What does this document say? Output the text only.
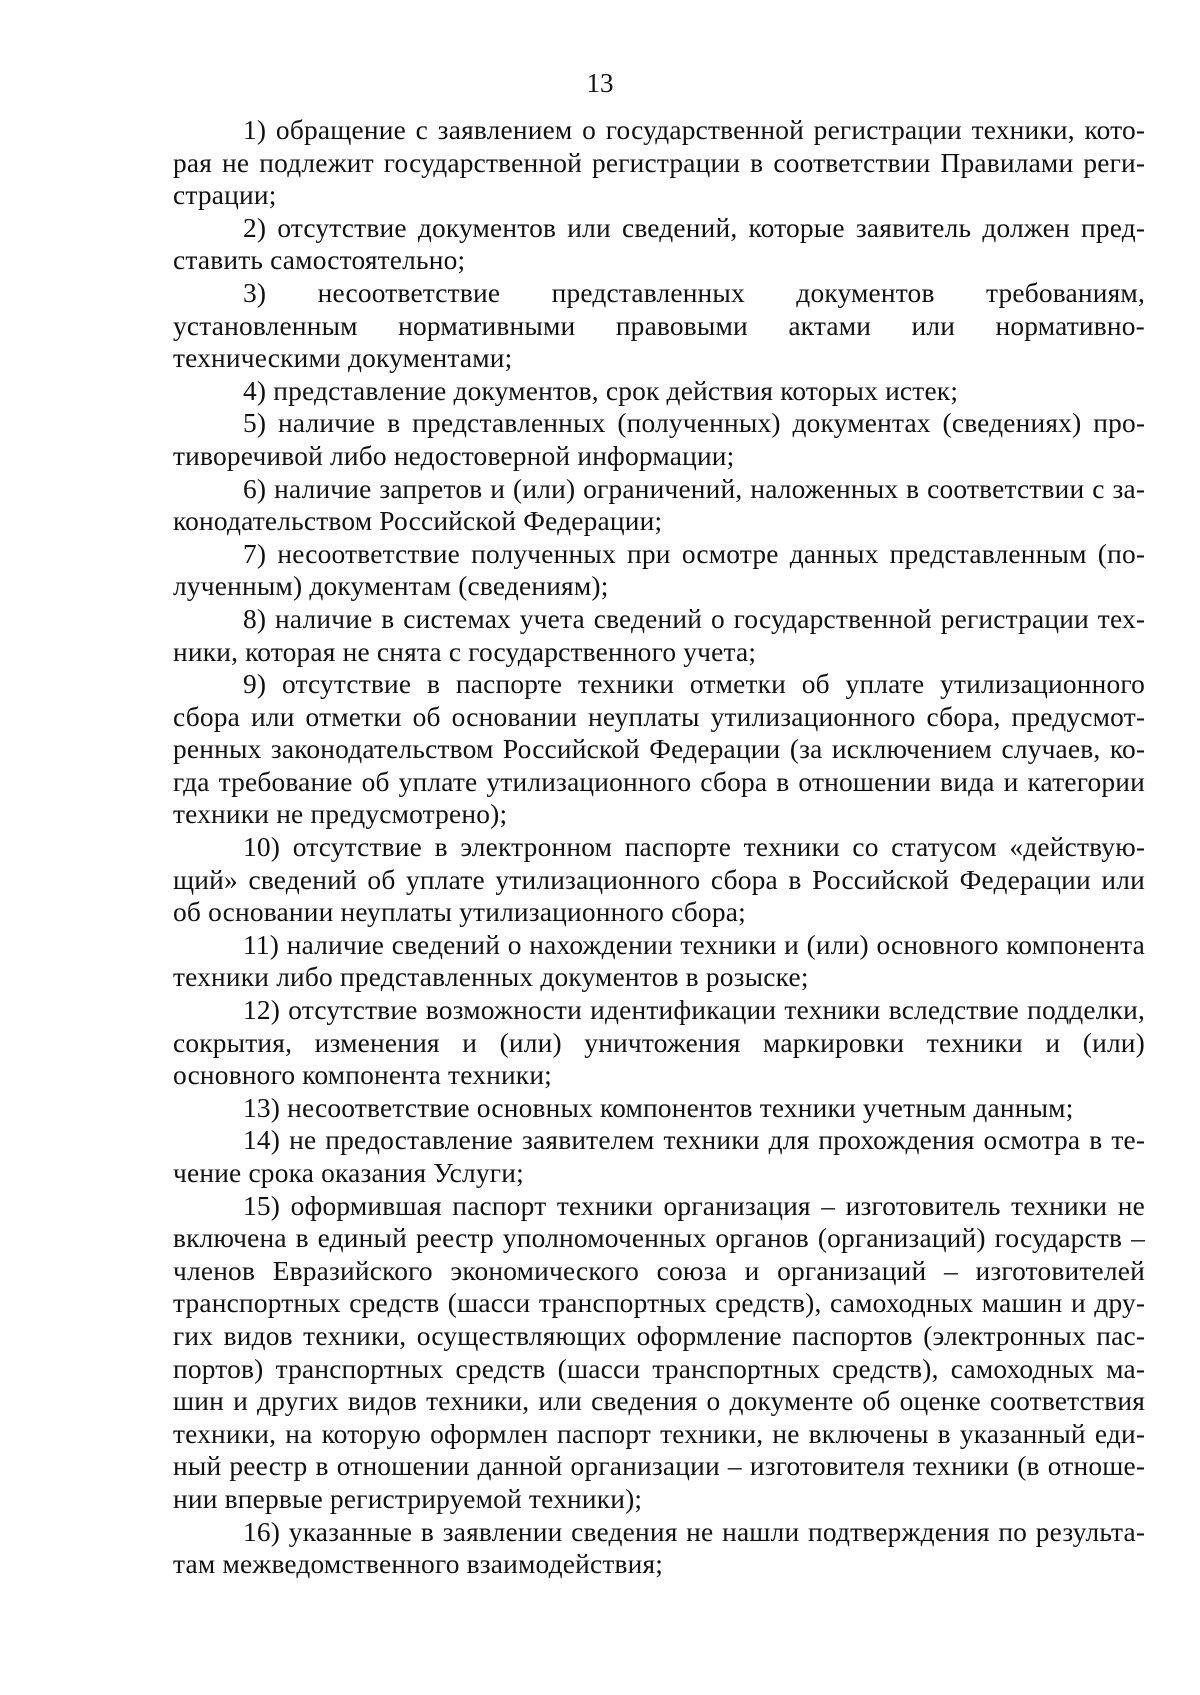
13

1) обращение с заявлением о государственной регистрации техники, которая не подлежит государственной регистрации в соответствии Правилами регистрации;

2) отсутствие документов или сведений, которые заявитель должен представить самостоятельно;

3) несоответствие представленных документов требованиям, установленным нормативными правовыми актами или нормативно-техническими документами;

4) представление документов, срок действия которых истек;

5) наличие в представленных (полученных) документах (сведениях) противоречивой либо недостоверной информации;

6) наличие запретов и (или) ограничений, наложенных в соответствии с законодательством Российской Федерации;

7) несоответствие полученных при осмотре данных представленным (полученным) документам (сведениям);

8) наличие в системах учета сведений о государственной регистрации техники, которая не снята с государственного учета;

9) отсутствие в паспорте техники отметки об уплате утилизационного сбора или отметки об основании неуплаты утилизационного сбора, предусмотренных законодательством Российской Федерации (за исключением случаев, когда требование об уплате утилизационного сбора в отношении вида и категории техники не предусмотрено);

10) отсутствие в электронном паспорте техники со статусом «действующий» сведений об уплате утилизационного сбора в Российской Федерации или об основании неуплаты утилизационного сбора;

11) наличие сведений о нахождении техники и (или) основного компонента техники либо представленных документов в розыске;

12) отсутствие возможности идентификации техники вследствие подделки, сокрытия, изменения и (или) уничтожения маркировки техники и (или) основного компонента техники;

13) несоответствие основных компонентов техники учетным данным;

14) не предоставление заявителем техники для прохождения осмотра в течение срока оказания Услуги;

15) оформившая паспорт техники организация – изготовитель техники не включена в единый реестр уполномоченных органов (организаций) государств – членов Евразийского экономического союза и организаций – изготовителей транспортных средств (шасси транспортных средств), самоходных машин и других видов техники, осуществляющих оформление паспортов (электронных паспортов) транспортных средств (шасси транспортных средств), самоходных машин и других видов техники, или сведения о документе об оценке соответствия техники, на которую оформлен паспорт техники, не включены в указанный единый реестр в отношении данной организации – изготовителя техники (в отношении впервые регистрируемой техники);

16) указанные в заявлении сведения не нашли подтверждения по результатам межведомственного взаимодействия;
